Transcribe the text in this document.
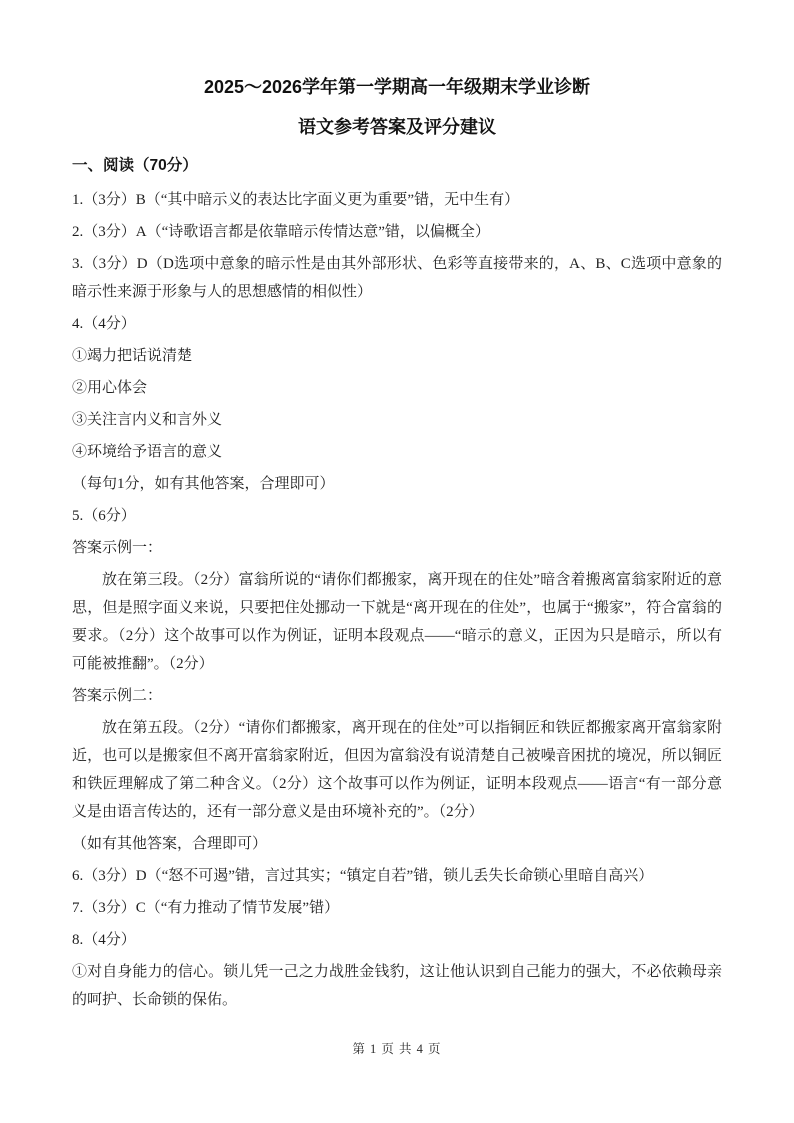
2025～2026学年第一学期高一年级期末学业诊断
语文参考答案及评分建议
一、阅读（70分）

1.（3分）B（“其中暗示义的表达比字面义更为重要”错，无中生有）

2.（3分）A（“诗歌语言都是依靠暗示传情达意”错，以偏概全）

3.（3分）D（D选项中意象的暗示性是由其外部形状、色彩等直接带来的，A、B、C选项中意象的暗示性来源于形象与人的思想感情的相似性）

4.（4分）

①竭力把话说清楚

②用心体会

③关注言内义和言外义

④环境给予语言的意义

（每句1分，如有其他答案，合理即可）

5.（6分）

答案示例一：

放在第三段。（2分）富翁所说的“请你们都搬家，离开现在的住处”暗含着搬离富翁家附近的意思，但是照字面义来说，只要把住处挪动一下就是“离开现在的住处”，也属于“搬家”，符合富翁的要求。（2分）这个故事可以作为例证，证明本段观点——“暗示的意义，正因为只是暗示，所以有可能被推翻”。（2分）

答案示例二：

放在第五段。（2分）“请你们都搬家，离开现在的住处”可以指铜匠和铁匠都搬家离开富翁家附近，也可以是搬家但不离开富翁家附近，但因为富翁没有说清楚自己被噪音困扰的境况，所以铜匠和铁匠理解成了第二种含义。（2分）这个故事可以作为例证，证明本段观点——语言“有一部分意义是由语言传达的，还有一部分意义是由环境补充的”。（2分）

（如有其他答案，合理即可）

6.（3分）D（“怒不可遏”错，言过其实；“镇定自若”错，锁儿丢失长命锁心里暗自高兴）

7.（3分）C（“有力推动了情节发展”错）

8.（4分）

①对自身能力的信心。锁儿凭一己之力战胜金钱豹，这让他认识到自己能力的强大，不必依赖母亲的呵护、长命锁的保佑。

第 1 页 共 4 页
